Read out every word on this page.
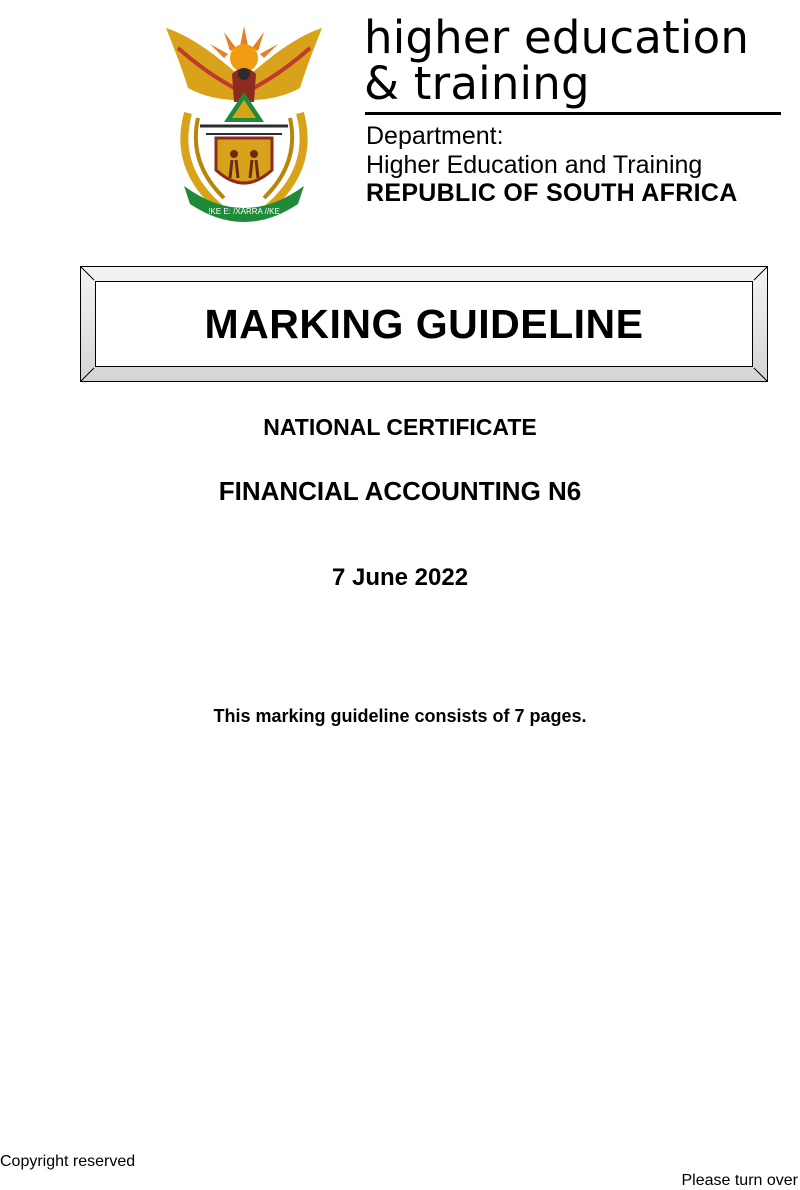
!KE E: /XARRA //KE
higher education
& training
Department:
Higher Education and Training
REPUBLIC OF SOUTH AFRICA
MARKING GUIDELINE
NATIONAL CERTIFICATE
FINANCIAL ACCOUNTING N6
7 June 2022
This marking guideline consists of 7 pages.
Copyright reserved
Please turn over
